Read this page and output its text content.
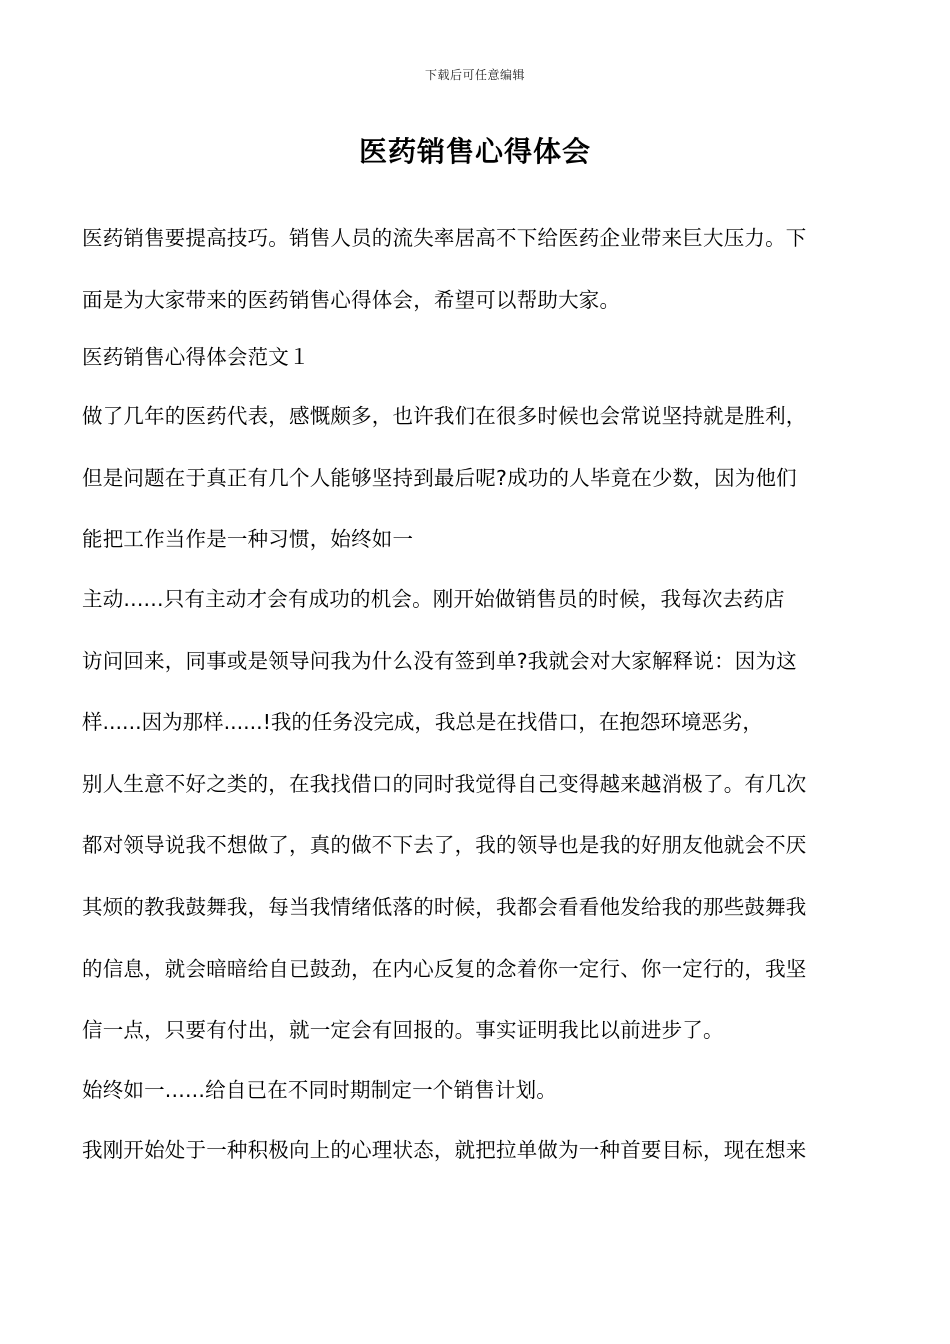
下载后可任意编辑
医药销售心得体会
医药销售要提高技巧。销售人员的流失率居高不下给医药企业带来巨大压力。下
面是为大家带来的医药销售心得体会，希望可以帮助大家。
医药销售心得体会范文１
做了几年的医药代表，感慨颇多，也许我们在很多时候也会常说坚持就是胜利，
但是问题在于真正有几个人能够坚持到最后呢?成功的人毕竟在少数，因为他们
能把工作当作是一种习惯，始终如一
主动......只有主动才会有成功的机会。刚开始做销售员的时候，我每次去药店
访问回来，同事或是领导问我为什么没有签到单?我就会对大家解释说：因为这
样......因为那样......!我的任务没完成，我总是在找借口，在抱怨环境恶劣，
别人生意不好之类的，在我找借口的同时我觉得自己变得越来越消极了。有几次
都对领导说我不想做了，真的做不下去了，我的领导也是我的好朋友他就会不厌
其烦的教我鼓舞我，每当我情绪低落的时候，我都会看看他发给我的那些鼓舞我
的信息，就会暗暗给自已鼓劲，在内心反复的念着你一定行、你一定行的，我坚
信一点，只要有付出，就一定会有回报的。事实证明我比以前进步了。
始终如一......给自已在不同时期制定一个销售计划。
我刚开始处于一种积极向上的心理状态，就把拉单做为一种首要目标，现在想来
